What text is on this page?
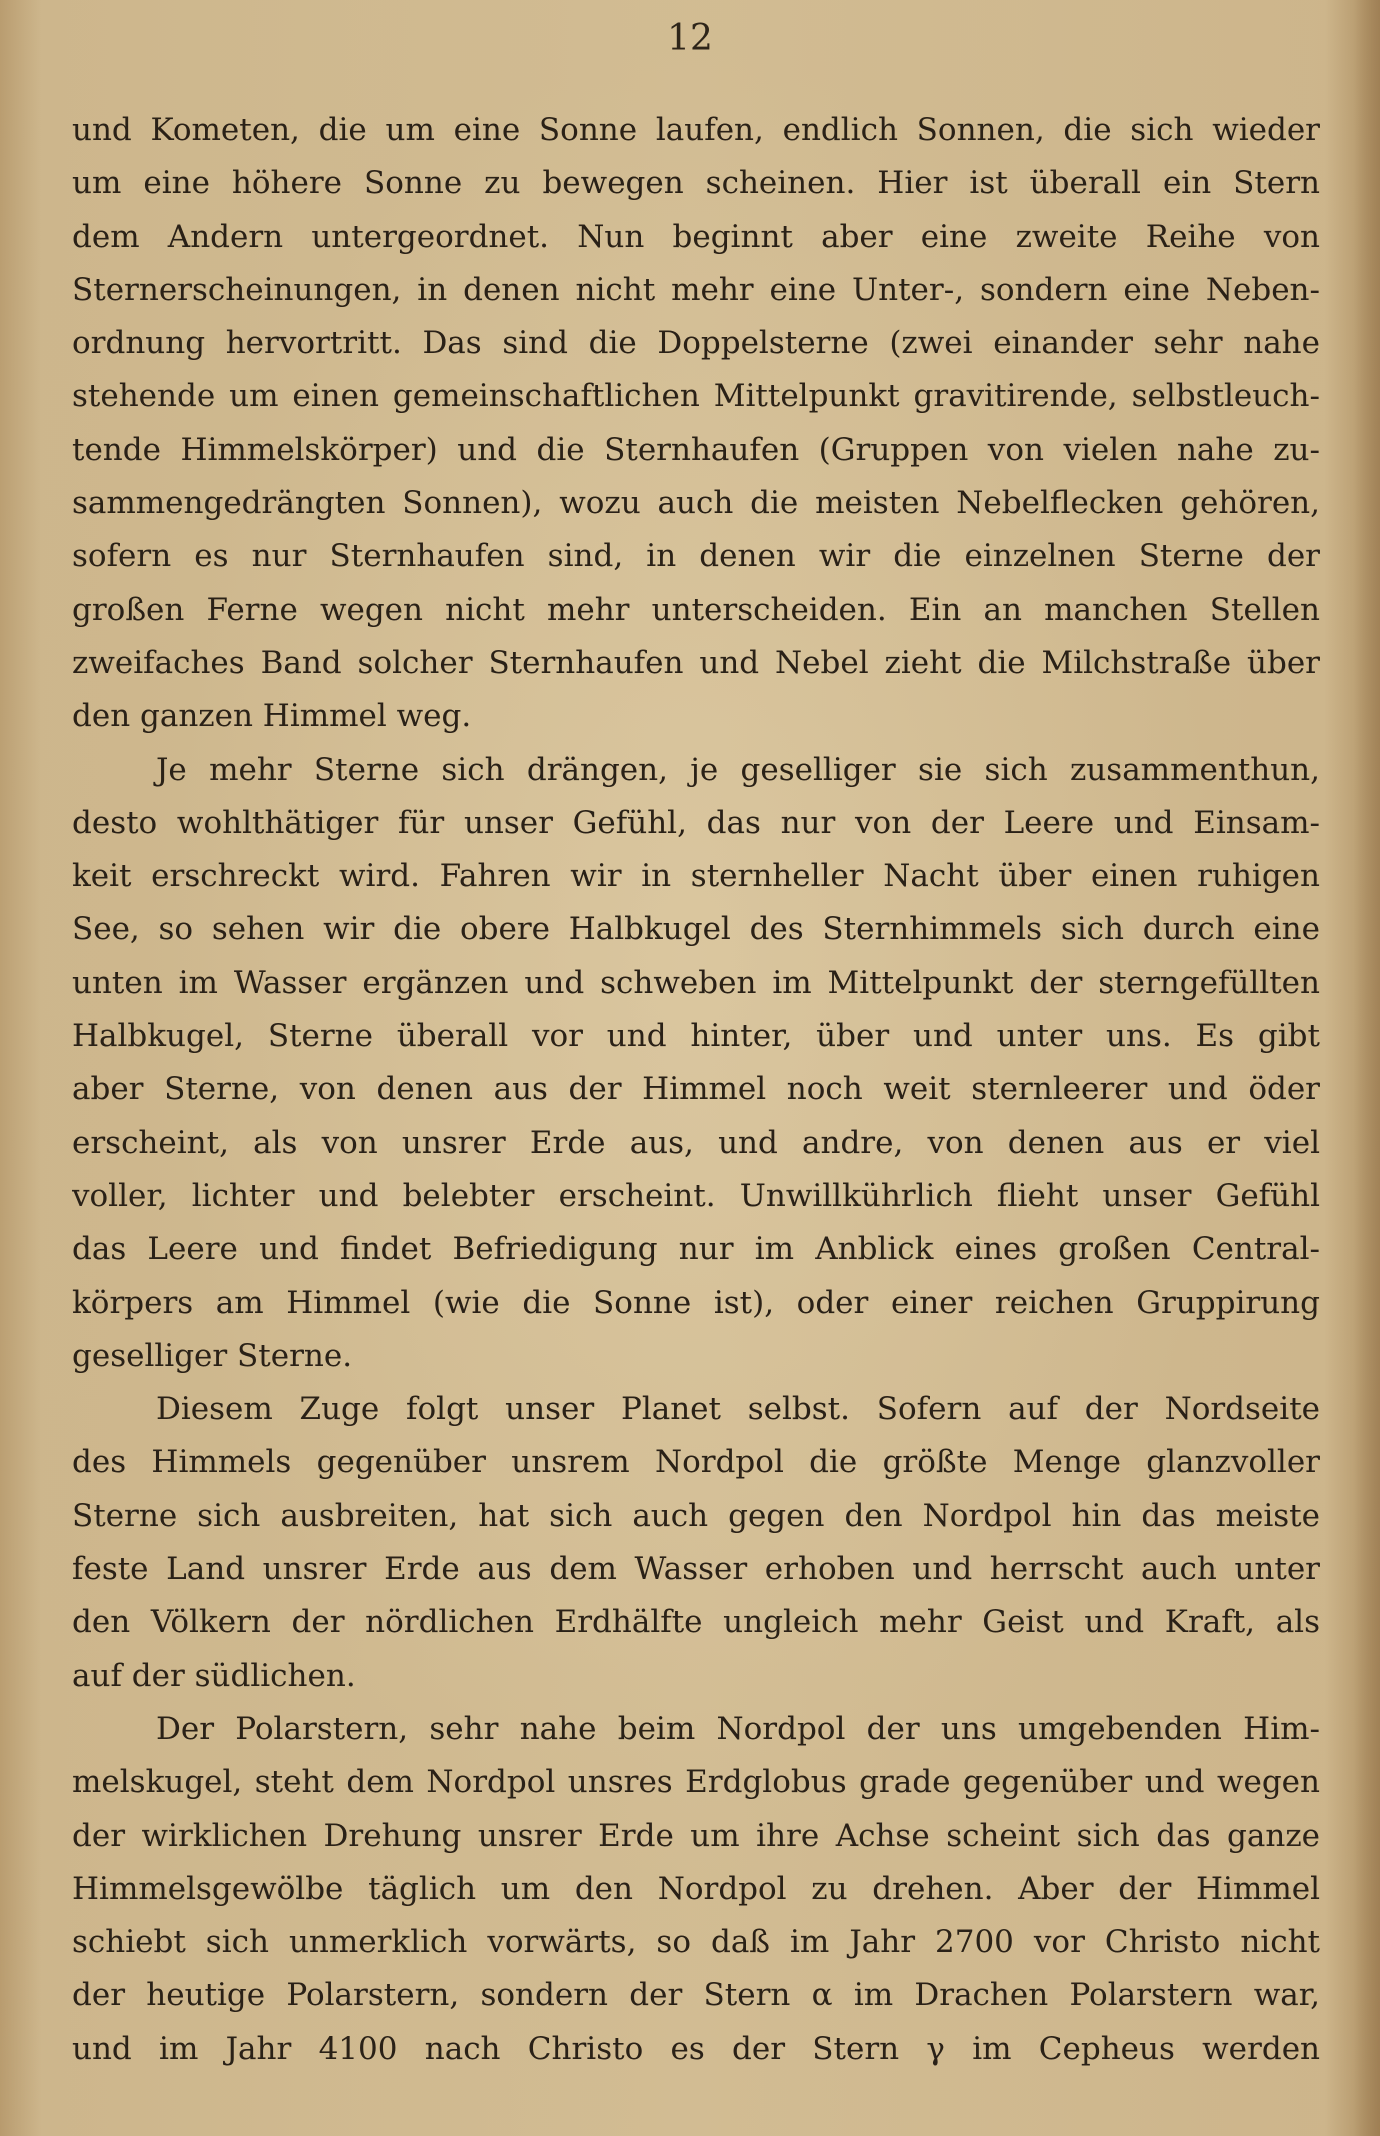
12

und Kometen, die um eine Sonne laufen, endlich Sonnen, die sich wieder
um eine höhere Sonne zu bewegen scheinen. Hier ist überall ein Stern
dem Andern untergeordnet. Nun beginnt aber eine zweite Reihe von
Sternerscheinungen, in denen nicht mehr eine Unter-, sondern eine Neben-
ordnung hervortritt. Das sind die Doppelsterne (zwei einander sehr nahe
stehende um einen gemeinschaftlichen Mittelpunkt gravitirende, selbstleuch-
tende Himmelskörper) und die Sternhaufen (Gruppen von vielen nahe zu-
sammengedrängten Sonnen), wozu auch die meisten Nebelflecken gehören,
sofern es nur Sternhaufen sind, in denen wir die einzelnen Sterne der
großen Ferne wegen nicht mehr unterscheiden. Ein an manchen Stellen
zweifaches Band solcher Sternhaufen und Nebel zieht die Milchstraße über
den ganzen Himmel weg.

Je mehr Sterne sich drängen, je geselliger sie sich zusammenthun,
desto wohlthätiger für unser Gefühl, das nur von der Leere und Einsam-
keit erschreckt wird. Fahren wir in sternheller Nacht über einen ruhigen
See, so sehen wir die obere Halbkugel des Sternhimmels sich durch eine
unten im Wasser ergänzen und schweben im Mittelpunkt der sterngefüllten
Halbkugel, Sterne überall vor und hinter, über und unter uns. Es gibt
aber Sterne, von denen aus der Himmel noch weit sternleerer und öder
erscheint, als von unsrer Erde aus, und andre, von denen aus er viel
voller, lichter und belebter erscheint. Unwillkührlich flieht unser Gefühl
das Leere und findet Befriedigung nur im Anblick eines großen Central-
körpers am Himmel (wie die Sonne ist), oder einer reichen Gruppirung
geselliger Sterne.

Diesem Zuge folgt unser Planet selbst. Sofern auf der Nordseite
des Himmels gegenüber unsrem Nordpol die größte Menge glanzvoller
Sterne sich ausbreiten, hat sich auch gegen den Nordpol hin das meiste
feste Land unsrer Erde aus dem Wasser erhoben und herrscht auch unter
den Völkern der nördlichen Erdhälfte ungleich mehr Geist und Kraft, als
auf der südlichen.

Der Polarstern, sehr nahe beim Nordpol der uns umgebenden Him-
melskugel, steht dem Nordpol unsres Erdglobus grade gegenüber und wegen
der wirklichen Drehung unsrer Erde um ihre Achse scheint sich das ganze
Himmelsgewölbe täglich um den Nordpol zu drehen. Aber der Himmel
schiebt sich unmerklich vorwärts, so daß im Jahr 2700 vor Christo nicht
der heutige Polarstern, sondern der Stern α im Drachen Polarstern war,
und im Jahr 4100 nach Christo es der Stern γ im Cepheus werden
